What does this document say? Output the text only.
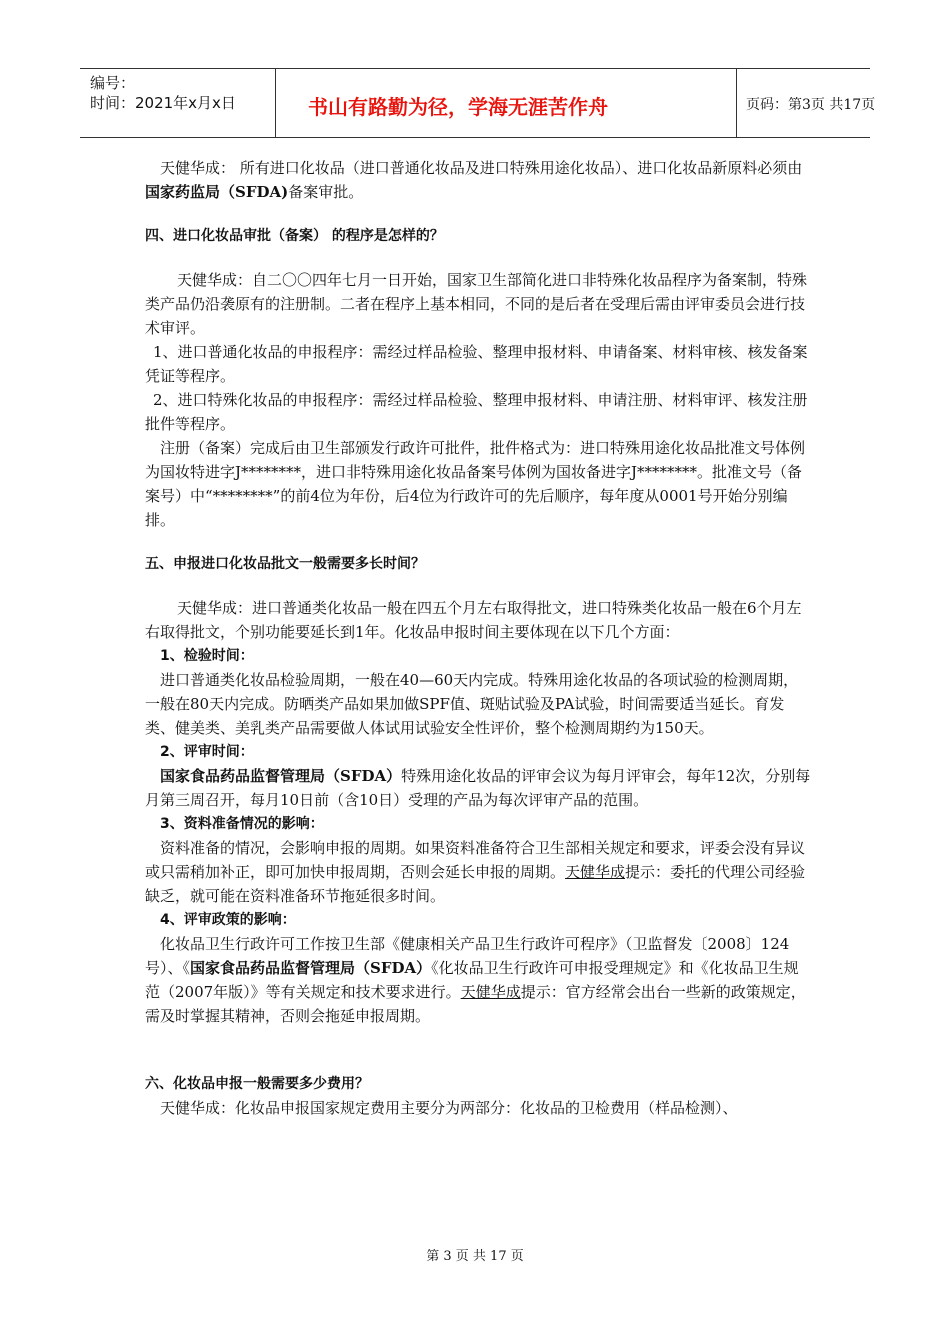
编号：
时间：2021年x月x日	书山有路勤为径，学海无涯苦作舟	页码：第3页 共17页

天健华成： 所有进口化妆品（进口普通化妆品及进口特殊用途化妆品）、进口化妆品新原料必须由国家药监局（SFDA)备案审批。

四、进口化妆品审批（备案） 的程序是怎样的？

天健华成：自二〇〇四年七月一日开始，国家卫生部简化进口非特殊化妆品程序为备案制，特殊类产品仍沿袭原有的注册制。二者在程序上基本相同，不同的是后者在受理后需由评审委员会进行技术审评。

1、进口普通化妆品的申报程序：需经过样品检验、整理申报材料、申请备案、材料审核、核发备案凭证等程序。

2、进口特殊化妆品的申报程序：需经过样品检验、整理申报材料、申请注册、材料审评、核发注册批件等程序。

注册（备案）完成后由卫生部颁发行政许可批件，批件格式为：进口特殊用途化妆品批准文号体例为国妆特进字J********，进口非特殊用途化妆品备案号体例为国妆备进字J********。批准文号（备案号）中“********”的前4位为年份，后4位为行政许可的先后顺序，每年度从0001号开始分别编排。

五、申报进口化妆品批文一般需要多长时间？

天健华成：进口普通类化妆品一般在四五个月左右取得批文，进口特殊类化妆品一般在6个月左右取得批文，个别功能要延长到1年。化妆品申报时间主要体现在以下几个方面：

1、检验时间：

进口普通类化妆品检验周期，一般在40—60天内完成。特殊用途化妆品的各项试验的检测周期，一般在80天内完成。防晒类产品如果加做SPF值、斑贴试验及PA试验，时间需要适当延长。育发类、健美类、美乳类产品需要做人体试用试验安全性评价，整个检测周期约为150天。

2、评审时间：

国家食品药品监督管理局（SFDA）特殊用途化妆品的评审会议为每月评审会，每年12次，分别每月第三周召开，每月10日前（含10日）受理的产品为每次评审产品的范围。

3、资料准备情况的影响：

资料准备的情况，会影响申报的周期。如果资料准备符合卫生部相关规定和要求，评委会没有异议或只需稍加补正，即可加快申报周期，否则会延长申报的周期。天健华成提示：委托的代理公司经验缺乏，就可能在资料准备环节拖延很多时间。

4、评审政策的影响：

化妆品卫生行政许可工作按卫生部《健康相关产品卫生行政许可程序》（卫监督发〔2008〕124号）、《国家食品药品监督管理局（SFDA）《化妆品卫生行政许可申报受理规定》和《化妆品卫生规范（2007年版）》等有关规定和技术要求进行。天健华成提示：官方经常会出台一些新的政策规定，需及时掌握其精神，否则会拖延申报周期。

六、化妆品申报一般需要多少费用？

天健华成：化妆品申报国家规定费用主要分为两部分：化妆品的卫检费用（样品检测）、

第 3 页 共 17 页
